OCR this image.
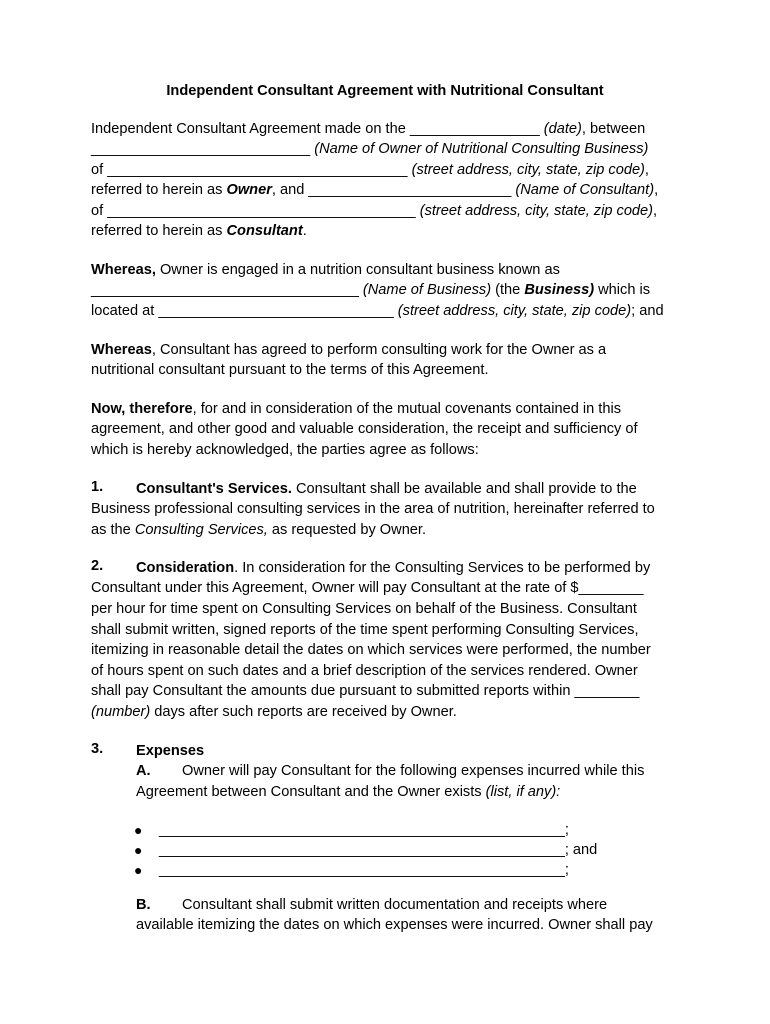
Independent Consultant Agreement with Nutritional Consultant
Independent Consultant Agreement made on the ________________ (date), between
___________________________ (Name of Owner of Nutritional Consulting Business)
of _____________________________________ (street address, city, state, zip code),
referred to herein as Owner, and _________________________ (Name of Consultant),
of ______________________________________ (street address, city, state, zip code),
referred to herein as Consultant.
Whereas, Owner is engaged in a nutrition consultant business known as
_________________________________ (Name of Business) (the Business) which is
located at _____________________________ (street address, city, state, zip code); and
Whereas, Consultant has agreed to perform consulting work for the Owner as a
nutritional consultant pursuant to the terms of this Agreement.
Now, therefore, for and in consideration of the mutual covenants contained in this
agreement, and other good and valuable consideration, the receipt and sufficiency of
which is hereby acknowledged, the parties agree as follows:
1. Consultant's Services. Consultant shall be available and shall provide to the
Business professional consulting services in the area of nutrition, hereinafter referred to
as the Consulting Services, as requested by Owner.
2. Consideration. In consideration for the Consulting Services to be performed by
Consultant under this Agreement, Owner will pay Consultant at the rate of $________
per hour for time spent on Consulting Services on behalf of the Business. Consultant
shall submit written, signed reports of the time spent performing Consulting Services,
itemizing in reasonable detail the dates on which services were performed, the number
of hours spent on such dates and a brief description of the services rendered. Owner
shall pay Consultant the amounts due pursuant to submitted reports within ________
(number) days after such reports are received by Owner.
3. Expenses
A. Owner will pay Consultant for the following expenses incurred while this
Agreement between Consultant and the Owner exists (list, if any):
● __________________________________________________;
● __________________________________________________; and
● __________________________________________________;
B. Consultant shall submit written documentation and receipts where
available itemizing the dates on which expenses were incurred. Owner shall pay
